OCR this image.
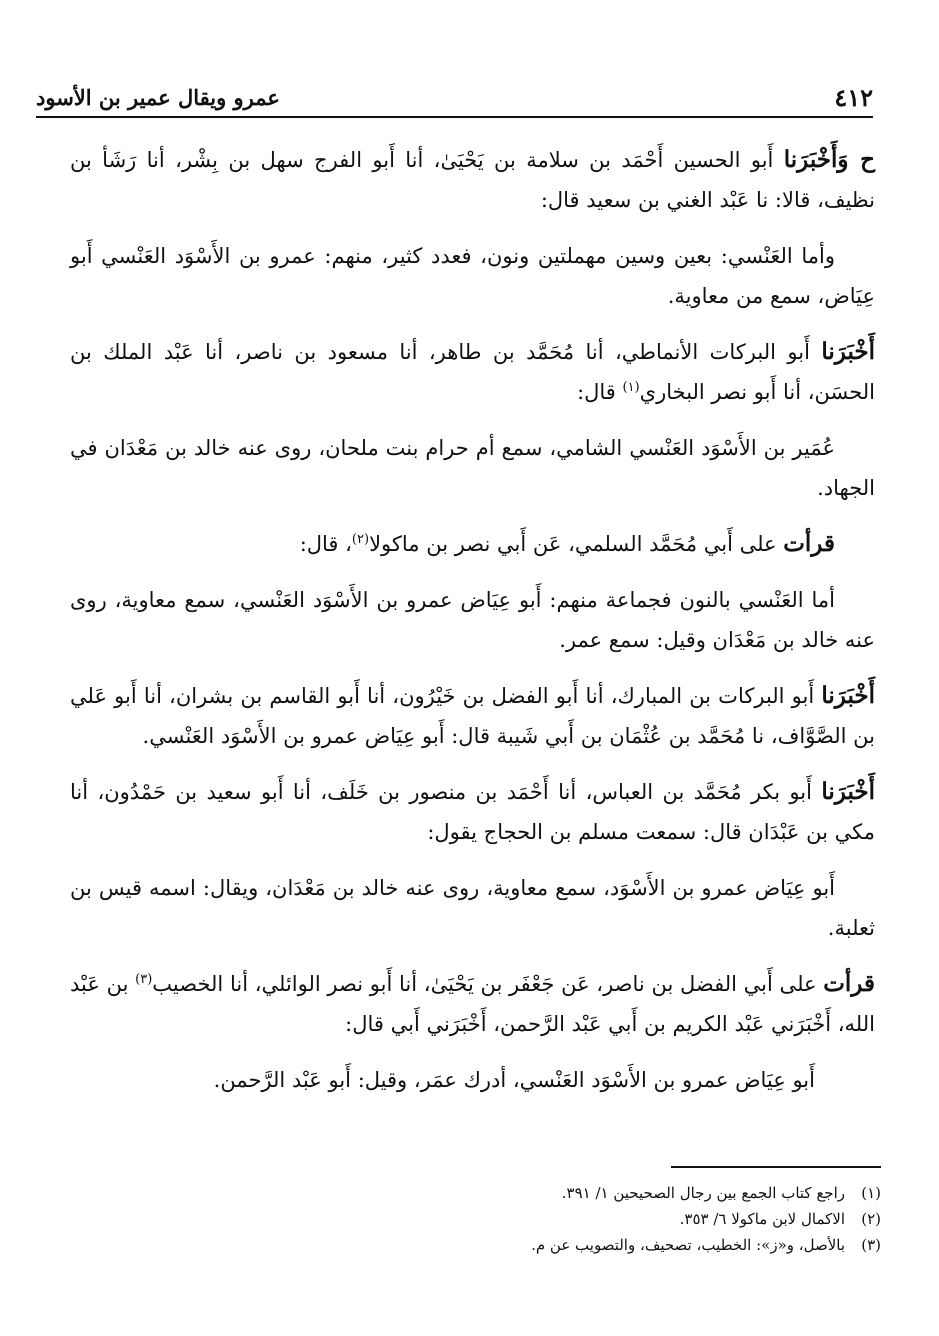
٤١٢
عمرو ويقال عمير بن الأسود

ح وَأَخْبَرَنا أَبو الحسين أَحْمَد بن سلامة بن يَحْيَىٰ، أنا أَبو الفرج سهل بن بِشْر، أنا رَشَأ بن نظيف، قالا: نا عَبْد الغني بن سعيد قال:

وأما العَنْسي: بعين وسين مهملتين ونون، فعدد كثير، منهم: عمرو بن الأَسْوَد العَنْسي أَبو عِيَاض، سمع من معاوية.

أَخْبَرَنا أَبو البركات الأنماطي، أنا مُحَمَّد بن طاهر، أنا مسعود بن ناصر، أنا عَبْد الملك بن الحسَن، أنا أَبو نصر البخاري$^{(١)}$ قال:

عُمَير بن الأَسْوَد العَنْسي الشامي، سمع أم حرام بنت ملحان، روى عنه خالد بن مَعْدَان في الجهاد.

قرأت على أَبي مُحَمَّد السلمي، عَن أَبي نصر بن ماكولا$^{(٢)}$، قال:

أما العَنْسي بالنون فجماعة منهم: أَبو عِيَاض عمرو بن الأَسْوَد العَنْسي، سمع معاوية، روى عنه خالد بن مَعْدَان وقيل: سمع عمر.

أَخْبَرَنا أَبو البركات بن المبارك، أنا أَبو الفضل بن خَيْرُون، أنا أَبو القاسم بن بشران، أنا أَبو عَلي بن الصَّوَّاف، نا مُحَمَّد بن عُثْمَان بن أَبي شَيبة قال: أَبو عِيَاض عمرو بن الأَسْوَد العَنْسي.

أَخْبَرَنا أَبو بكر مُحَمَّد بن العباس، أنا أَحْمَد بن منصور بن خَلَف، أنا أَبو سعيد بن حَمْدُون، أنا مكي بن عَبْدَان قال: سمعت مسلم بن الحجاج يقول:

أَبو عِيَاض عمرو بن الأَسْوَد، سمع معاوية، روى عنه خالد بن مَعْدَان، ويقال: اسمه قيس بن ثعلبة.

قرأت على أَبي الفضل بن ناصر، عَن جَعْفَر بن يَحْيَىٰ، أنا أَبو نصر الوائلي، أنا الخصيب$^{(٣)}$ بن عَبْد الله، أَخْبَرَني عَبْد الكريم بن أَبي عَبْد الرَّحمن، أَخْبَرَني أَبي قال:

أَبو عِيَاض عمرو بن الأَسْوَد العَنْسي، أدرك عمَر، وقيل: أَبو عَبْد الرَّحمن.

(١)
راجع كتاب الجمع بين رجال الصحيحين ١/ ٣٩١.
(٢)
الاكمال لابن ماكولا ٦/ ٣٥٣.
(٣)
بالأصل، و«ز»: الخطيب، تصحيف، والتصويب عن م.
